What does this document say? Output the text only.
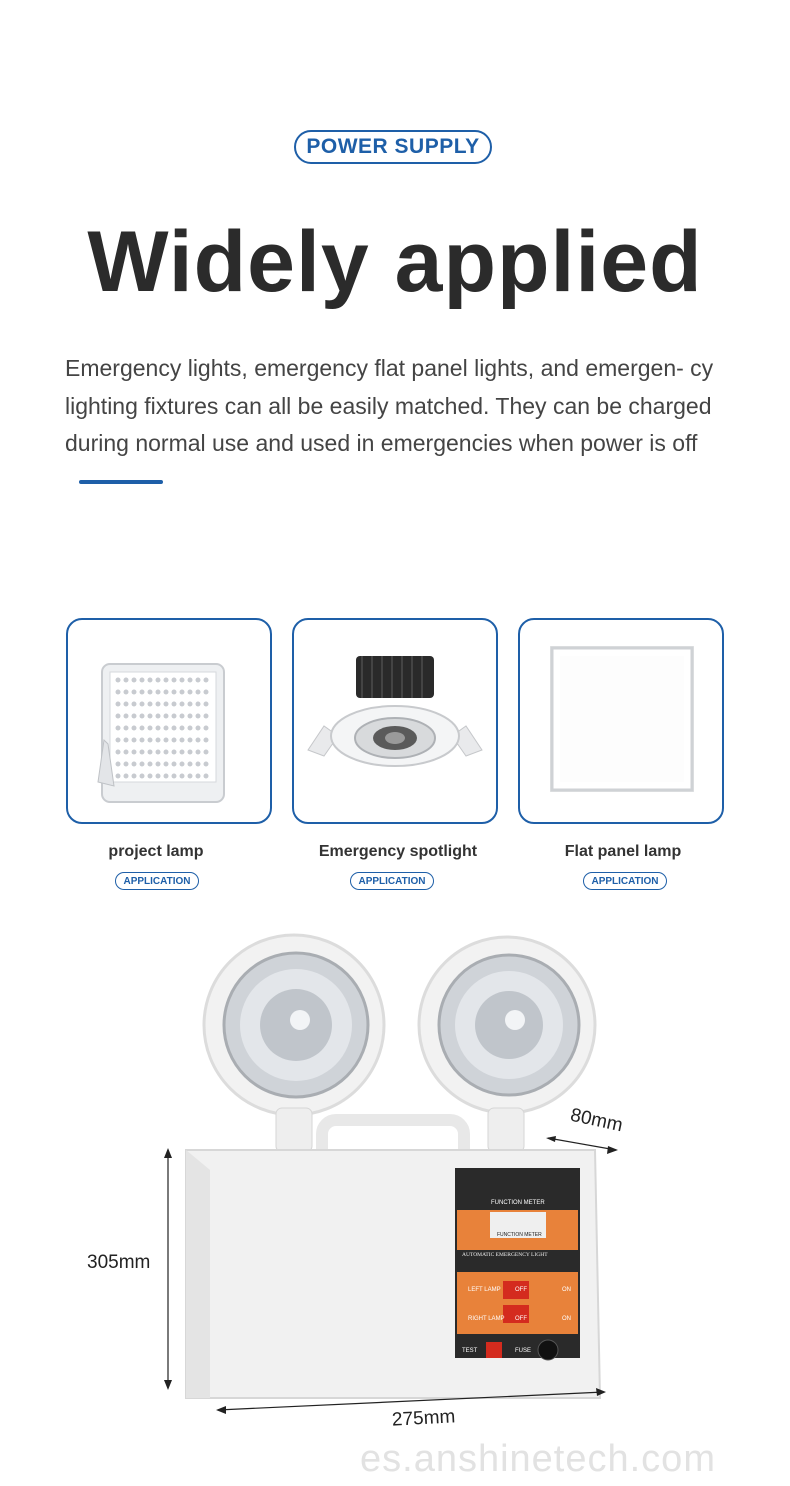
POWER SUPPLY
Widely applied
Emergency lights, emergency flat panel lights, and emergen- cy lighting fixtures can all be easily matched. They can be charged during normal use and used in emergencies when power is off
project lamp
APPLICATION
Emergency spotlight
APPLICATION
Flat panel lamp
APPLICATION
FUNCTION METER
FUNCTION METER
AUTOMATIC EMERGENCY LIGHT
LEFT LAMP
RIGHT LAMP
OFF
OFF
ON
ON
TEST	FUSE
305mm
275mm
80mm
es.anshinetech.com
